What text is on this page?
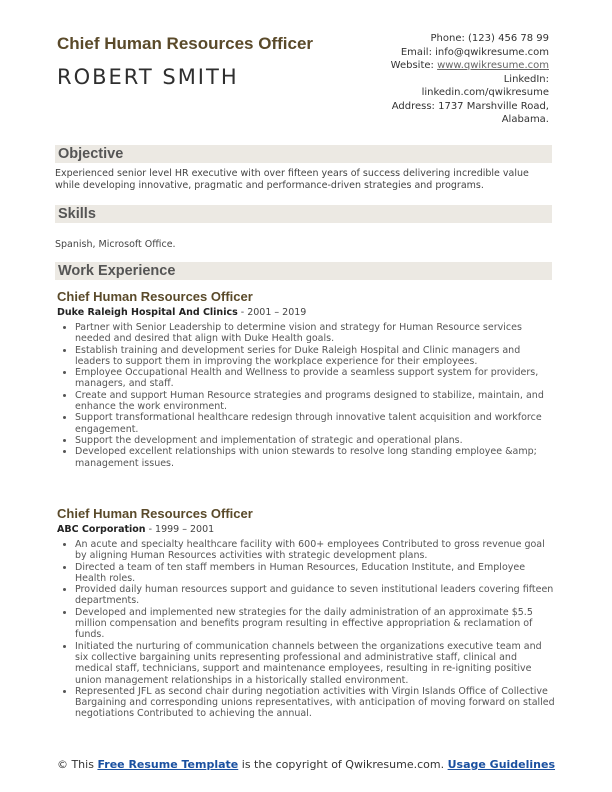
Chief Human Resources Officer
ROBERT SMITH
Phone: (123) 456 78 99
Email: info@qwikresume.com
Website: www.qwikresume.com
LinkedIn:
linkedin.com/qwikresume
Address: 1737 Marshville Road,
Alabama.
Objective
Experienced senior level HR executive with over fifteen years of success delivering incredible value while developing innovative, pragmatic and performance-driven strategies and programs.
Skills
Spanish, Microsoft Office.
Work Experience
Chief Human Resources Officer
Duke Raleigh Hospital And Clinics - 2001 – 2019
• Partner with Senior Leadership to determine vision and strategy for Human Resource services needed and desired that align with Duke Health goals.
• Establish training and development series for Duke Raleigh Hospital and Clinic managers and leaders to support them in improving the workplace experience for their employees.
• Employee Occupational Health and Wellness to provide a seamless support system for providers, managers, and staff.
• Create and support Human Resource strategies and programs designed to stabilize, maintain, and enhance the work environment.
• Support transformational healthcare redesign through innovative talent acquisition and workforce engagement.
• Support the development and implementation of strategic and operational plans.
• Developed excellent relationships with union stewards to resolve long standing employee &amp; management issues.
Chief Human Resources Officer
ABC Corporation - 1999 – 2001
• An acute and specialty healthcare facility with 600+ employees Contributed to gross revenue goal by aligning Human Resources activities with strategic development plans.
• Directed a team of ten staff members in Human Resources, Education Institute, and Employee Health roles.
• Provided daily human resources support and guidance to seven institutional leaders covering fifteen departments.
• Developed and implemented new strategies for the daily administration of an approximate $5.5 million compensation and benefits program resulting in effective appropriation & reclamation of funds.
• Initiated the nurturing of communication channels between the organizations executive team and six collective bargaining units representing professional and administrative staff, clinical and medical staff, technicians, support and maintenance employees, resulting in re-igniting positive union management relationships in a historically stalled environment.
• Represented JFL as second chair during negotiation activities with Virgin Islands Office of Collective Bargaining and corresponding unions representatives, with anticipation of moving forward on stalled negotiations Contributed to achieving the annual.
© This Free Resume Template is the copyright of Qwikresume.com. Usage Guidelines
